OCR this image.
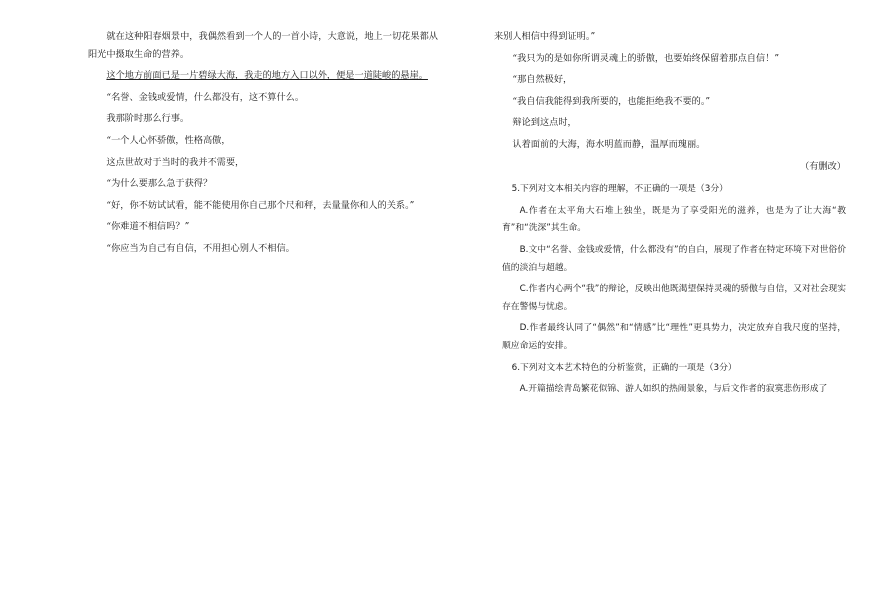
就在这种阳春烟景中，我偶然看到一个人的一首小诗，大意说，地上一切花果都从阳光中摄取生命的营养。

这个地方前面已是一片碧绿大海，我走的地方入口以外，便是一道陡峻的悬崖。

“名誉、金钱或爱情，什么都没有，这不算什么。

我那阶时那么行事。

“一个人心怀骄傲，性格高傲，

这点世故对于当时的我并不需要，

“为什么要那么急于获得？

“好，你不妨试试看，能不能使用你自己那个尺和秤，去量量你和人的关系。”

“你难道不相信吗？”

“你应当为自己有自信，不用担心别人不相信。

来别人相信中得到证明。”

“我只为的是如你所谓灵魂上的骄傲，也要始终保留着那点自信！”

“那自然极好，

“我自信我能得到我所要的，也能拒绝我不要的。”

辩论到这点时，

认着面前的大海，海水明蓝而静，温厚而瑰丽。

（有删改）

5.下列对文本相关内容的理解，不正确的一项是（3分）

A.作者在太平角大石堆上独坐，既是为了享受阳光的滋养，也是为了让大海“教育”和“洗深”其生命。

B.文中“名誉、金钱或爱情，什么都没有”的自白，展现了作者在特定环境下对世俗价值的淡泊与超越。

C.作者内心两个“我”的辩论，反映出他既渴望保持灵魂的骄傲与自信，又对社会现实存在警惕与忧虑。

D.作者最终认同了“偶然”和“情感”比“理性”更具势力，决定放弃自我尺度的坚持，顺应命运的安排。

6.下列对文本艺术特色的分析鉴赏，正确的一项是（3分）

A.开篇描绘青岛繁花似锦、游人如织的热闹景象，与后文作者的寂寞悲伤形成了
